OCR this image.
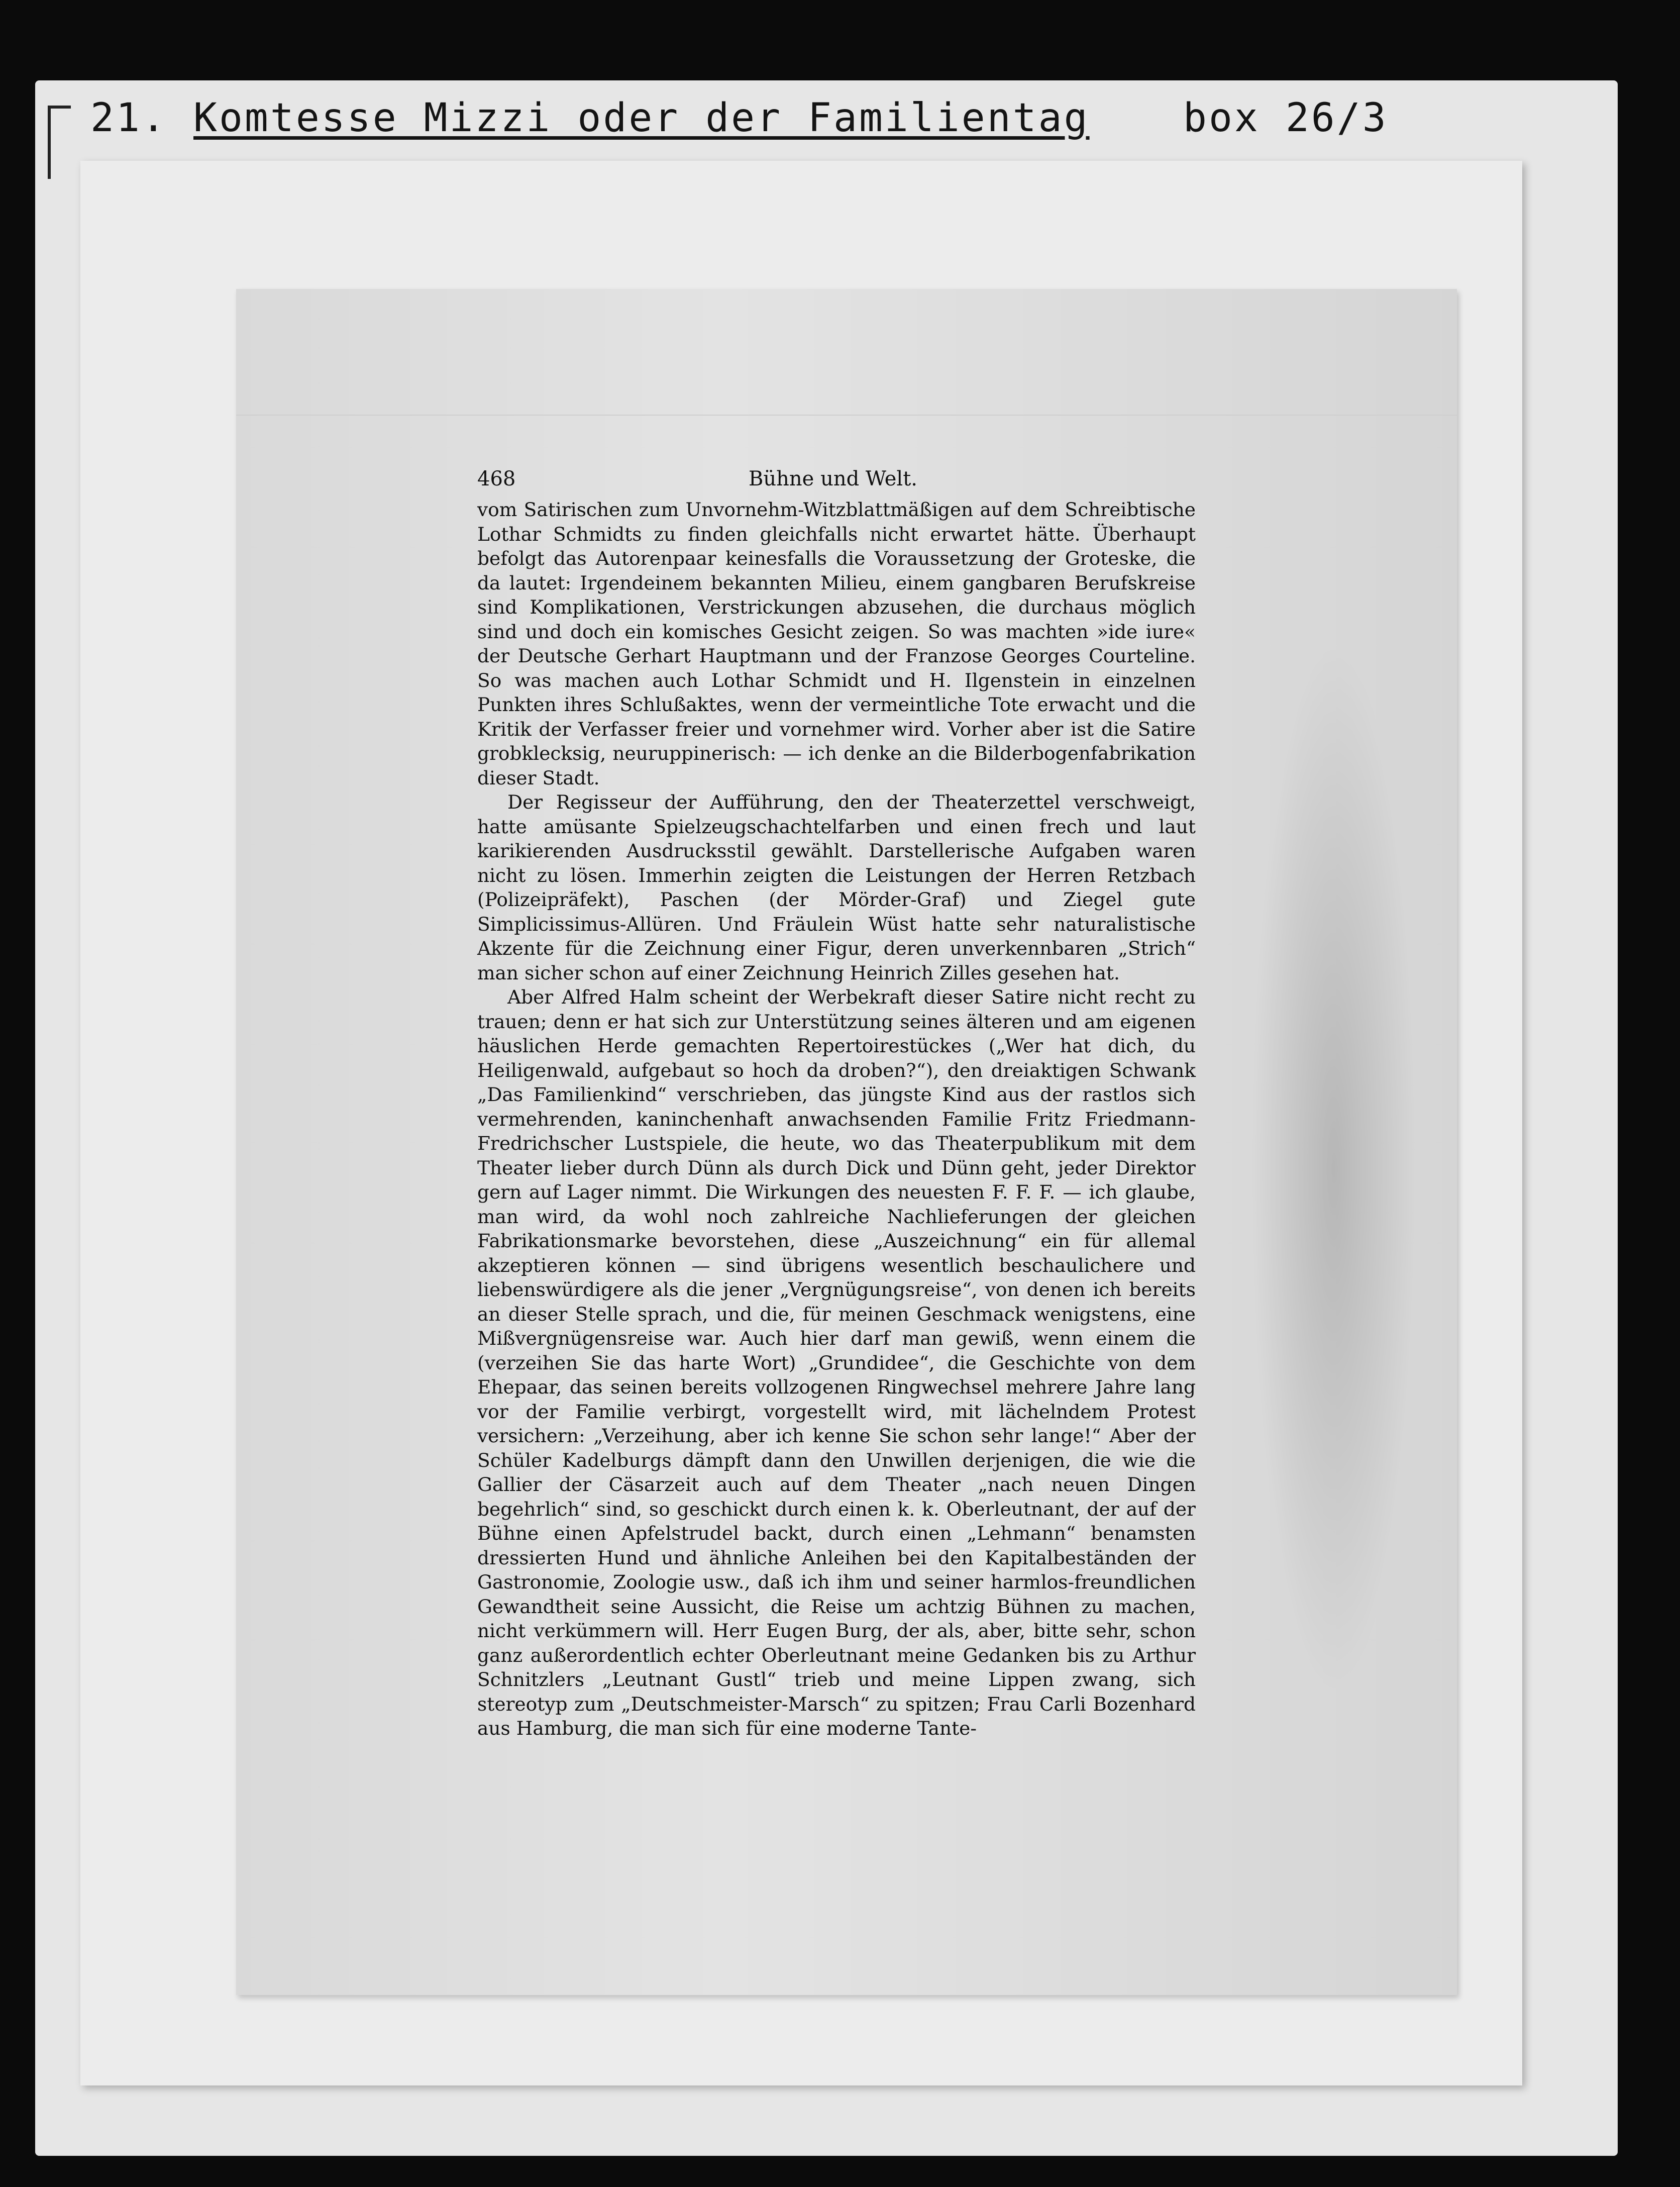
21. Komtesse Mizzi oder der Familientag box 26/3
468	Bühne und Welt.

vom Satirischen zum Unvornehm-Witzblattmäßigen auf dem Schreibtische Lothar Schmidts zu finden gleichfalls nicht erwartet hätte. Überhaupt befolgt das Autorenpaar keinesfalls die Voraussetzung der Groteske, die da lautet: Irgendeinem bekannten Milieu, einem gangbaren Berufskreise sind Komplikationen, Verstrickungen abzusehen, die durchaus möglich sind und doch ein komisches Gesicht zeigen. So was machten »ide iure« der Deutsche Gerhart Hauptmann und der Franzose Georges Courteline. So was machen auch Lothar Schmidt und H. Ilgenstein in einzelnen Punkten ihres Schlußaktes, wenn der vermeintliche Tote erwacht und die Kritik der Verfasser freier und vornehmer wird. Vorher aber ist die Satire grobklecksig, neuruppinerisch: — ich denke an die Bilderbogenfabrikation dieser Stadt.

Der Regisseur der Aufführung, den der Theaterzettel verschweigt, hatte amüsante Spielzeugschachtelfarben und einen frech und laut karikierenden Ausdrucksstil gewählt. Darstellerische Aufgaben waren nicht zu lösen. Immerhin zeigten die Leistungen der Herren Retzbach (Polizeipräfekt), Paschen (der Mörder-Graf) und Ziegel gute Simplicissimus-Allüren. Und Fräulein Wüst hatte sehr naturalistische Akzente für die Zeichnung einer Figur, deren unverkennbaren „Strich“ man sicher schon auf einer Zeichnung Heinrich Zilles gesehen hat.

Aber Alfred Halm scheint der Werbekraft dieser Satire nicht recht zu trauen; denn er hat sich zur Unterstützung seines älteren und am eigenen häuslichen Herde gemachten Repertoirestückes („Wer hat dich, du Heiligenwald, aufgebaut so hoch da droben?“), den dreiaktigen Schwank „Das Familienkind“ verschrieben, das jüngste Kind aus der rastlos sich vermehrenden, kaninchenhaft anwachsenden Familie Fritz Friedmann-Fredrichscher Lustspiele, die heute, wo das Theaterpublikum mit dem Theater lieber durch Dünn als durch Dick und Dünn geht, jeder Direktor gern auf Lager nimmt. Die Wirkungen des neuesten F. F. F. — ich glaube, man wird, da wohl noch zahlreiche Nachlieferungen der gleichen Fabrikationsmarke bevorstehen, diese „Auszeichnung“ ein für allemal akzeptieren können — sind übrigens wesentlich beschaulichere und liebenswürdigere als die jener „Vergnügungsreise“, von denen ich bereits an dieser Stelle sprach, und die, für meinen Geschmack wenigstens, eine Mißvergnügensreise war. Auch hier darf man gewiß, wenn einem die (verzeihen Sie das harte Wort) „Grundidee“, die Geschichte von dem Ehepaar, das seinen bereits vollzogenen Ringwechsel mehrere Jahre lang vor der Familie verbirgt, vorgestellt wird, mit lächelndem Protest versichern: „Verzeihung, aber ich kenne Sie schon sehr lange!“ Aber der Schüler Kadelburgs dämpft dann den Unwillen derjenigen, die wie die Gallier der Cäsarzeit auch auf dem Theater „nach neuen Dingen begehrlich“ sind, so geschickt durch einen k. k. Oberleutnant, der auf der Bühne einen Apfelstrudel backt, durch einen „Lehmann“ benamsten dressierten Hund und ähnliche Anleihen bei den Kapitalbeständen der Gastronomie, Zoologie usw., daß ich ihm und seiner harmlos-freundlichen Gewandtheit seine Aussicht, die Reise um achtzig Bühnen zu machen, nicht verkümmern will. Herr Eugen Burg, der als, aber, bitte sehr, schon ganz außerordentlich echter Oberleutnant meine Gedanken bis zu Arthur Schnitzlers „Leutnant Gustl“ trieb und meine Lippen zwang, sich stereotyp zum „Deutschmeister-Marsch“ zu spitzen; Frau Carli Bozenhard aus Hamburg, die man sich für eine moderne Tante-
